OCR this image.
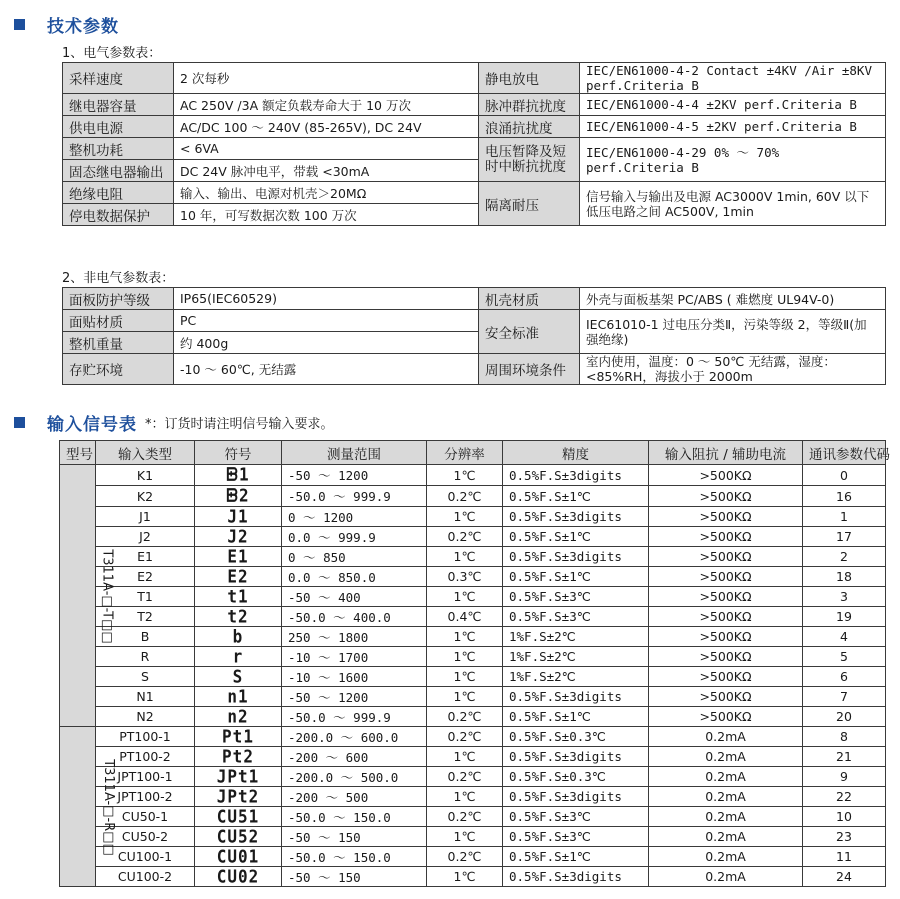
技术参数
1、电气参数表：
采样速度	2 次每秒	静电放电	IEC/EN61000-4-2 Contact ±4KV /Air ±8KV perf.Criteria B
继电器容量	AC 250V /3A 额定负载寿命大于 10 万次	脉冲群抗扰度	IEC/EN61000-4-4 ±2KV perf.Criteria B
供电电源	AC/DC 100 ～ 240V (85-265V), DC 24V	浪涌抗扰度	IEC/EN61000-4-5 ±2KV perf.Criteria B
整机功耗	< 6VA	电压暂降及短时中断抗扰度	IEC/EN61000-4-29 0% ～ 70% perf.Criteria B
固态继电器输出	DC 24V 脉冲电平，带载 <30mA		
绝缘电阻	输入、输出、电源对机壳＞20MΩ	隔离耐压	信号输入与输出及电源 AC3000V 1min, 60V 以下低压电路之间 AC500V, 1min
停电数据保护	10 年，可写数据次数 100 万次		
2、非电气参数表：
面板防护等级	IP65(IEC60529)	机壳材质	外壳与面板基架 PC/ABS ( 难燃度 UL94V-0)
面贴材质	PC	安全标准	IEC61010-1 过电压分类Ⅱ，污染等级 2，等级Ⅱ(加强绝缘)
整机重量	约 400g		
存贮环境	-10 ～ 60℃, 无结露	周围环境条件	室内使用，温度：0 ～ 50℃ 无结露，湿度：<85%RH，海拔小于 2000m
输入信号表 *：订货时请注明信号输入要求。
型号	输入类型	符号	测量范围	分辨率	精度	输入阻抗 / 辅助电流	通讯参数代码
T311A-□-T□□	K1	ᗸ1	-50 ～ 1200	1℃	0.5%F.S±3digits	>500KΩ	0
	K2	ᗸ2	-50.0 ～ 999.9	0.2℃	0.5%F.S±1℃	>500KΩ	16
	J1	J1	0 ～ 1200	1℃	0.5%F.S±3digits	>500KΩ	1
	J2	J2	0.0 ～ 999.9	0.2℃	0.5%F.S±1℃	>500KΩ	17
	E1	E1	0 ～ 850	1℃	0.5%F.S±3digits	>500KΩ	2
	E2	E2	0.0 ～ 850.0	0.3℃	0.5%F.S±1℃	>500KΩ	18
	T1	t1	-50 ～ 400	1℃	0.5%F.S±3℃	>500KΩ	3
	T2	t2	-50.0 ～ 400.0	0.4℃	0.5%F.S±3℃	>500KΩ	19
	B	b	250 ～ 1800	1℃	1%F.S±2℃	>500KΩ	4
	R	r	-10 ～ 1700	1℃	1%F.S±2℃	>500KΩ	5
	S	S	-10 ～ 1600	1℃	1%F.S±2℃	>500KΩ	6
	N1	n1	-50 ～ 1200	1℃	0.5%F.S±3digits	>500KΩ	7
	N2	n2	-50.0 ～ 999.9	0.2℃	0.5%F.S±1℃	>500KΩ	20
T311A-□-R□□	PT100-1	Pt1	-200.0 ～ 600.0	0.2℃	0.5%F.S±0.3℃	0.2mA	8
	PT100-2	Pt2	-200 ～ 600	1℃	0.5%F.S±3digits	0.2mA	21
	JPT100-1	JPt1	-200.0 ～ 500.0	0.2℃	0.5%F.S±0.3℃	0.2mA	9
	JPT100-2	JPt2	-200 ～ 500	1℃	0.5%F.S±3digits	0.2mA	22
	CU50-1	CU51	-50.0 ～ 150.0	0.2℃	0.5%F.S±3℃	0.2mA	10
	CU50-2	CU52	-50 ～ 150	1℃	0.5%F.S±3℃	0.2mA	23
	CU100-1	CU01	-50.0 ～ 150.0	0.2℃	0.5%F.S±1℃	0.2mA	11
	CU100-2	CU02	-50 ～ 150	1℃	0.5%F.S±3digits	0.2mA	24
